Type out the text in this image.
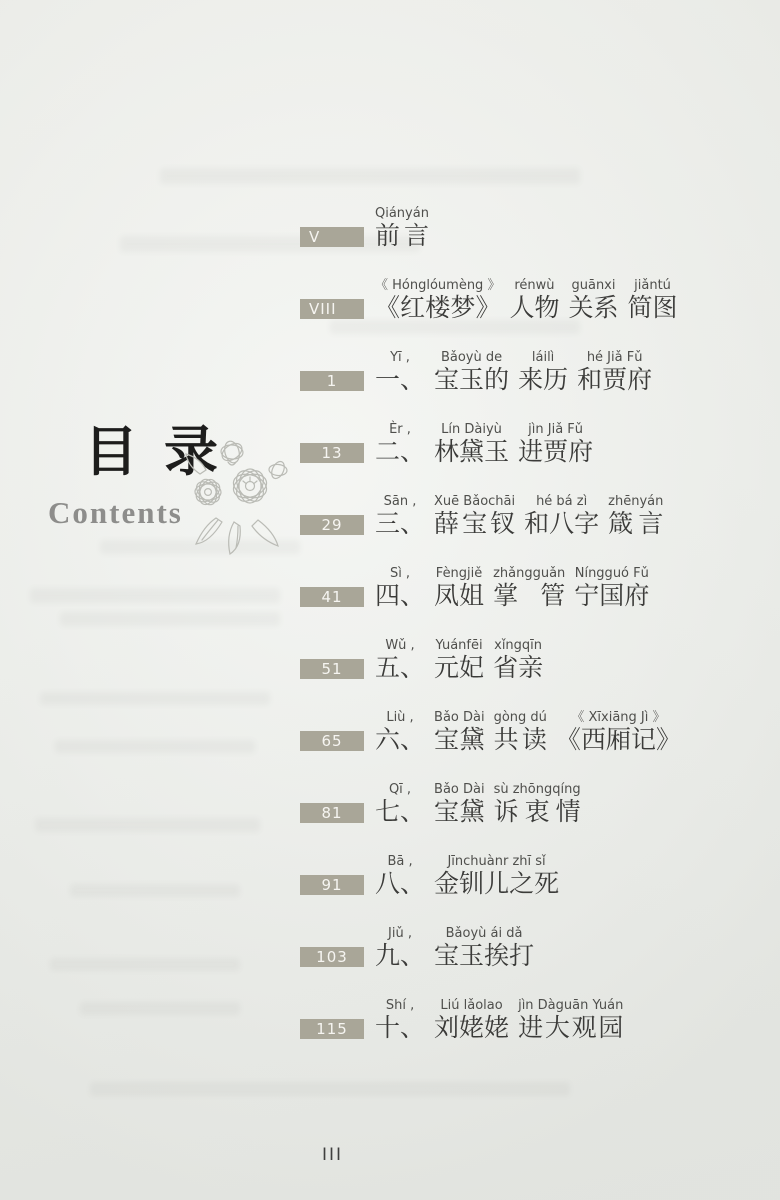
目录
Contents
V
Qiányán
前 言
VIII
《 Hónglóumèng 》
《 红 楼 梦 》
rénwù
人 物
guānxi
关 系
jiǎntú
简 图
1
Yī ,
一 、
Bǎoyù de
宝 玉 的
láilì
来 历
hé Jiǎ Fǔ
和 贾 府
13
Èr ,
二 、
Lín Dàiyù
林 黛 玉
jìn Jiǎ Fǔ
进 贾 府
29
Sān ,
三 、
Xuē Bǎochāi
薛 宝 钗
hé bá zì
和 八 字
zhēnyán
箴 言
41
Sì ,
四 、
Fèngjiě
凤 姐
zhǎngguǎn
掌 管
Níngguó Fǔ
宁 国 府
51
Wǔ ,
五 、
Yuánfēi
元 妃
xǐngqīn
省 亲
65
Liù ,
六 、
Bǎo Dài
宝 黛
gòng dú
共 读
《 Xīxiāng Jì 》
《 西 厢 记 》
81
Qī ,
七 、
Bǎo Dài
宝 黛
sù zhōngqíng
诉 衷 情
91
Bā ,
八 、
Jīnchuànr zhī sǐ
金 钏 儿 之 死
103
Jiǔ ,
九 、
Bǎoyù ái dǎ
宝 玉 挨 打
115
Shí ,
十 、
Liú lǎolao
刘 姥 姥
jìn Dàguān Yuán
进 大 观 园
III
